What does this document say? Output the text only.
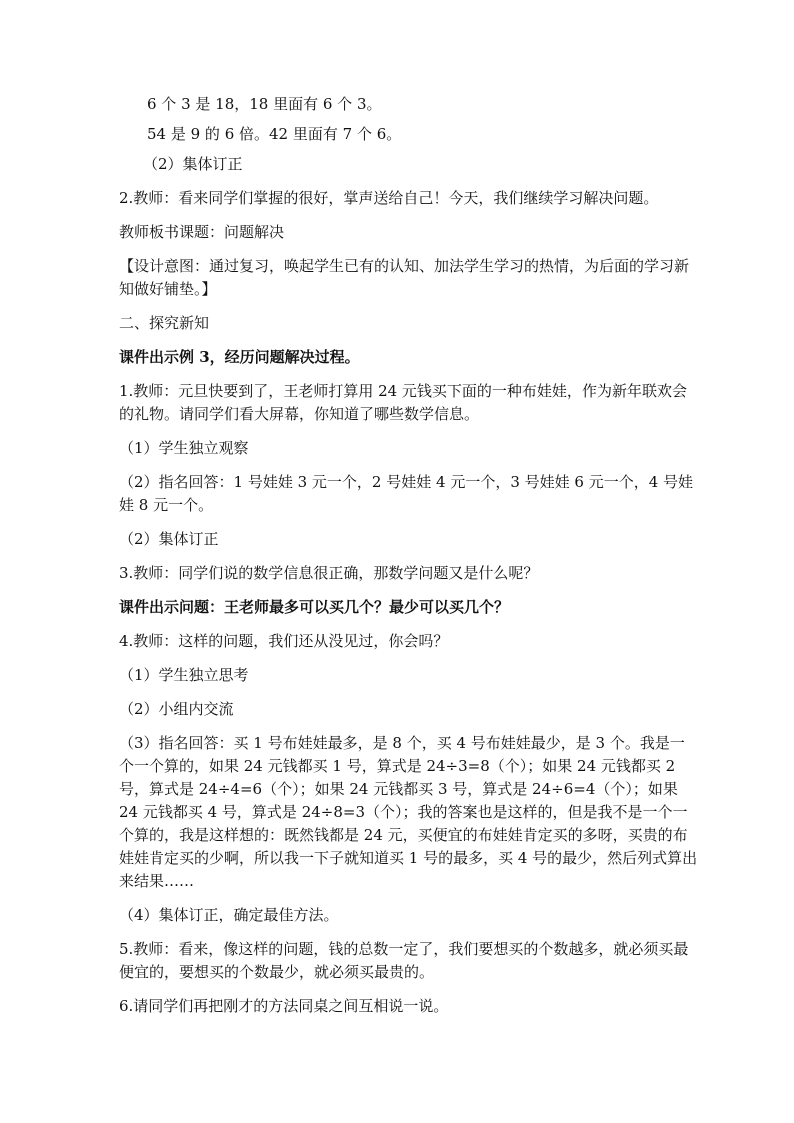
6 个 3 是 18，18 里面有 6 个 3。

54 是 9 的 6 倍。42 里面有 7 个 6。

（2）集体订正

2.教师：看来同学们掌握的很好，掌声送给自己！今天，我们继续学习解决问题。

教师板书课题：问题解决

【设计意图：通过复习，唤起学生已有的认知、加法学生学习的热情，为后面的学习新知做好铺垫。】

二、探究新知

课件出示例 3，经历问题解决过程。

1.教师：元旦快要到了，王老师打算用 24 元钱买下面的一种布娃娃，作为新年联欢会的礼物。请同学们看大屏幕，你知道了哪些数学信息。

（1）学生独立观察

（2）指名回答：1 号娃娃 3 元一个，2 号娃娃 4 元一个，3 号娃娃 6 元一个，4 号娃娃 8 元一个。

（2）集体订正

3.教师：同学们说的数学信息很正确，那数学问题又是什么呢？

课件出示问题：王老师最多可以买几个？最少可以买几个？

4.教师：这样的问题，我们还从没见过，你会吗？

（1）学生独立思考

（2）小组内交流

（3）指名回答：买 1 号布娃娃最多，是 8 个，买 4 号布娃娃最少，是 3 个。我是一个一个算的，如果 24 元钱都买 1 号，算式是 24÷3=8（个）；如果 24 元钱都买 2 号，算式是 24÷4=6（个）；如果 24 元钱都买 3 号，算式是 24÷6=4（个）；如果 24 元钱都买 4 号，算式是 24÷8=3（个）；我的答案也是这样的，但是我不是一个一个算的，我是这样想的：既然钱都是 24 元，买便宜的布娃娃肯定买的多呀，买贵的布娃娃肯定买的少啊，所以我一下子就知道买 1 号的最多，买 4 号的最少，然后列式算出来结果……

（4）集体订正，确定最佳方法。

5.教师：看来，像这样的问题，钱的总数一定了，我们要想买的个数越多，就必须买最便宜的，要想买的个数最少，就必须买最贵的。

6.请同学们再把刚才的方法同桌之间互相说一说。
